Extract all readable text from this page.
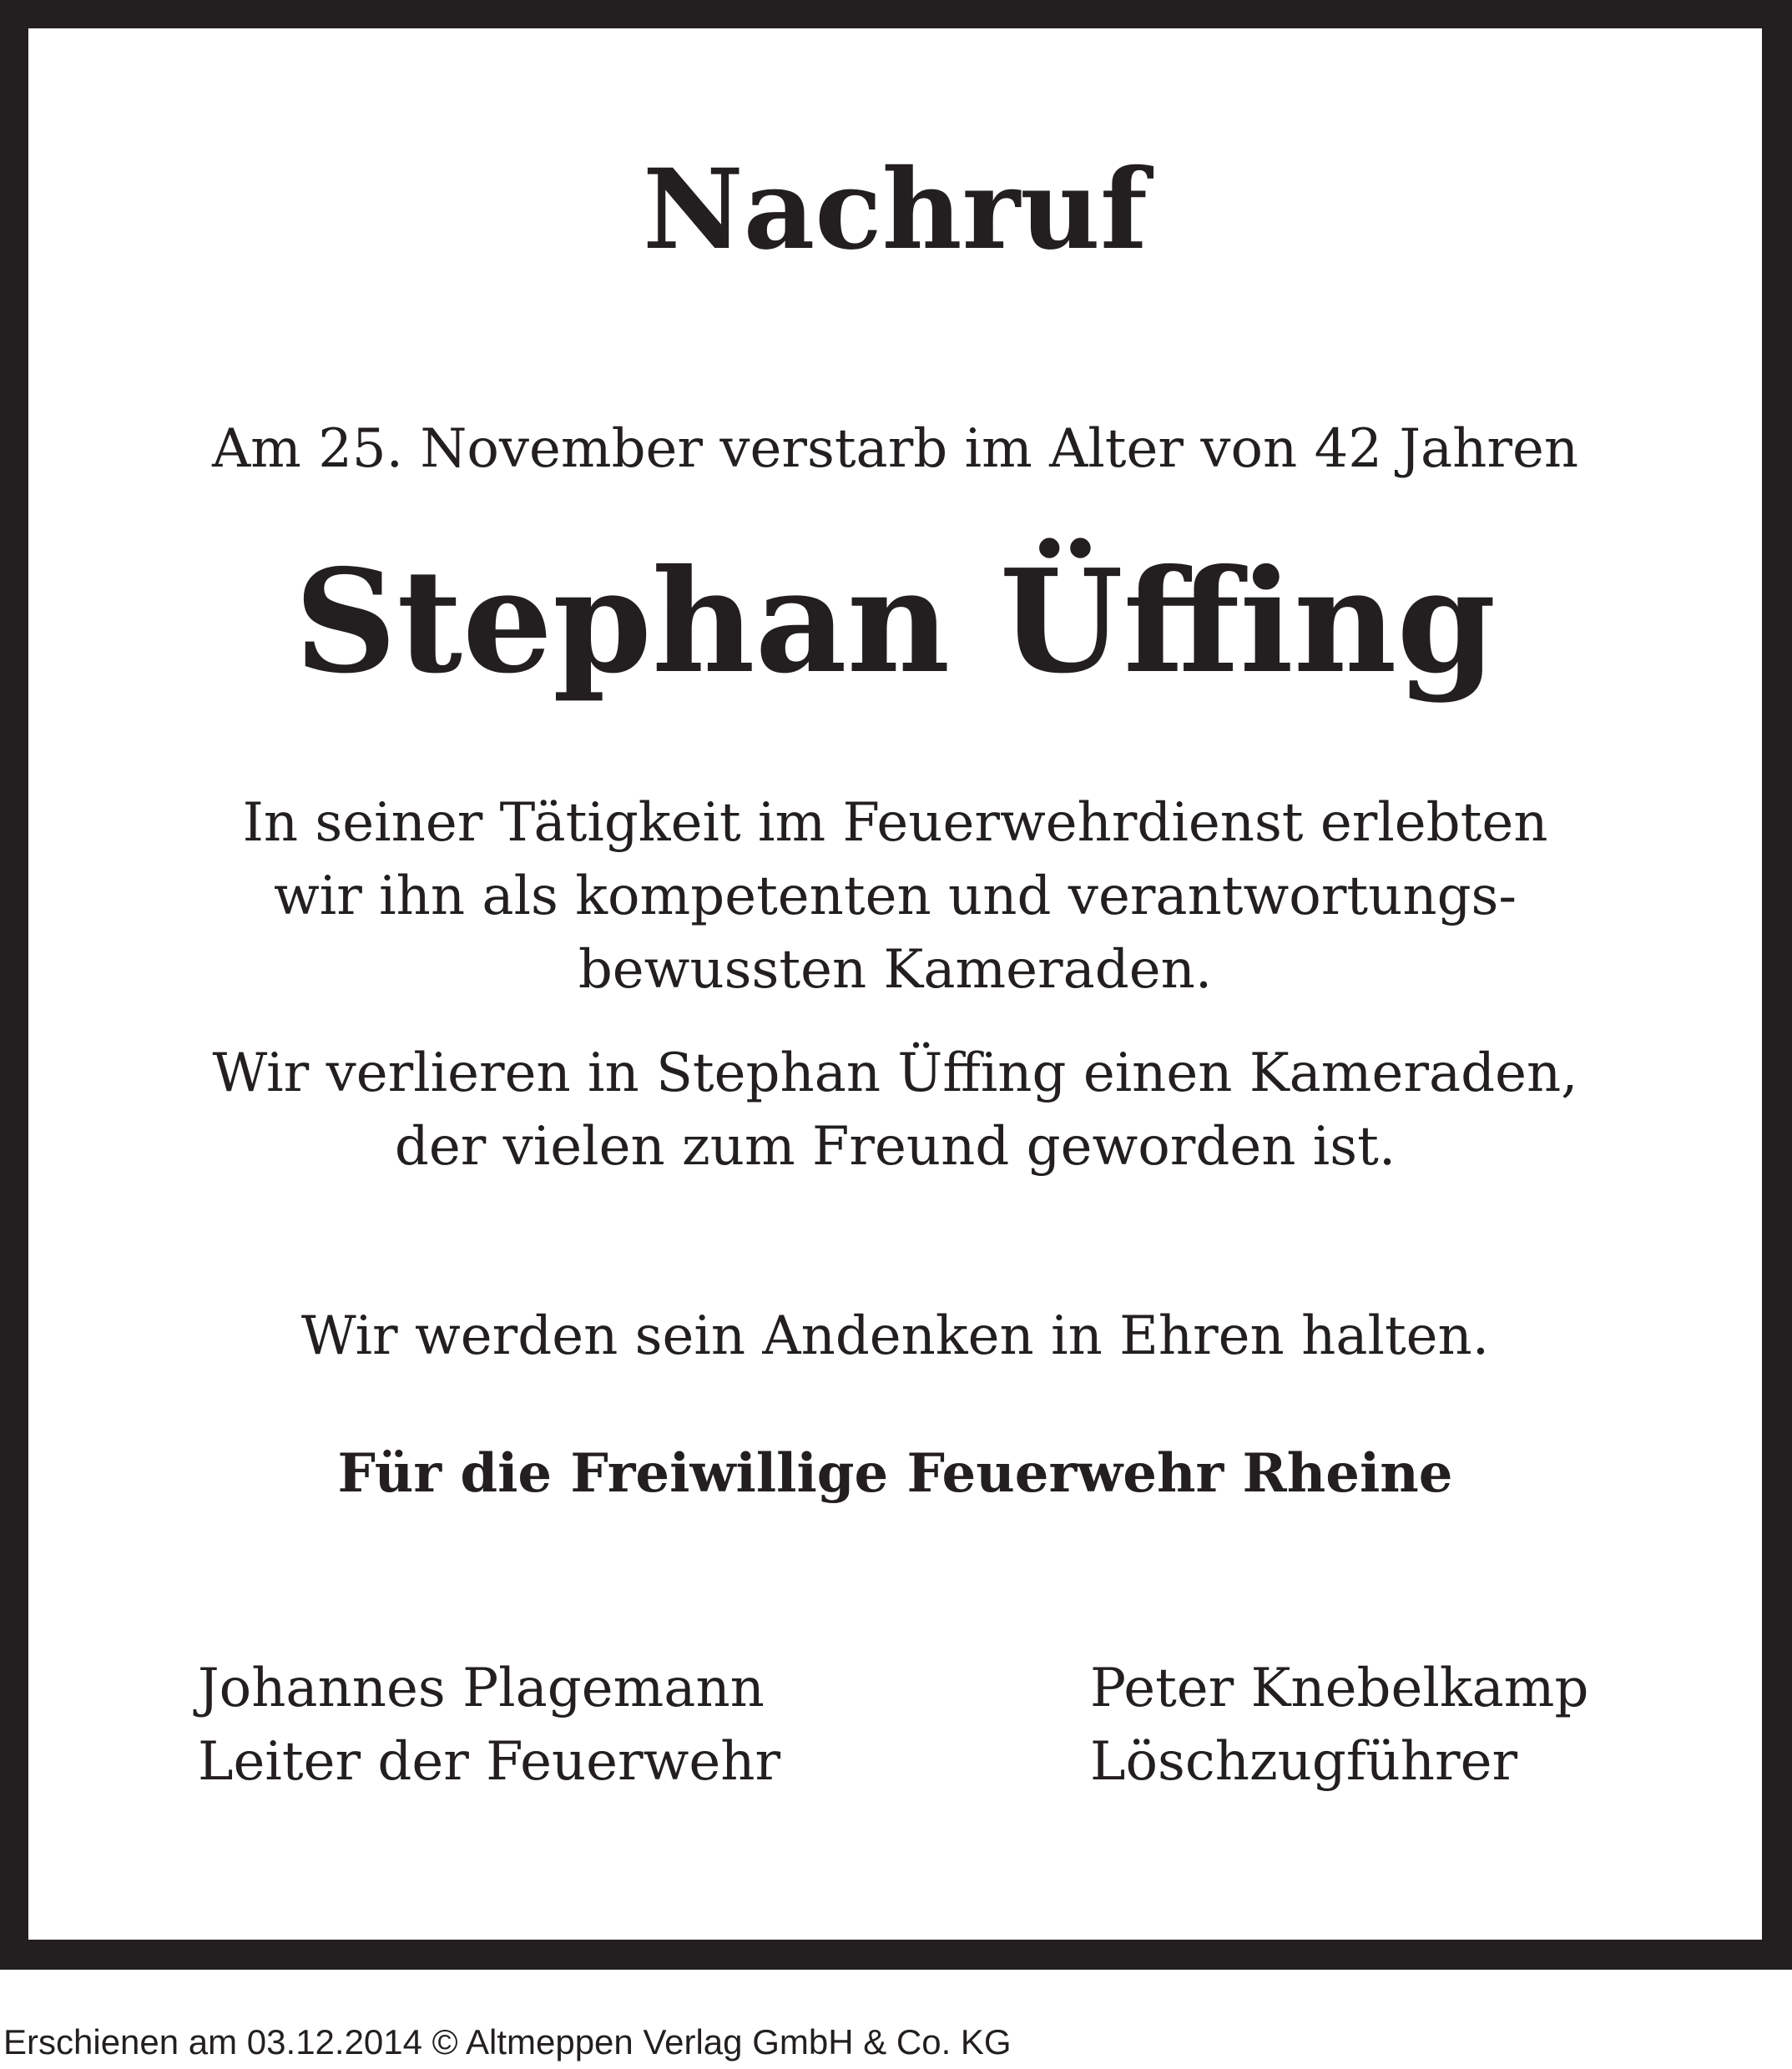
Nachruf

Am 25. November verstarb im Alter von 42 Jahren

Stephan Üffing

In seiner Tätigkeit im Feuerwehrdienst erlebten
wir ihn als kompetenten und verantwortungs-
bewussten Kameraden.
Wir verlieren in Stephan Üffing einen Kameraden,
der vielen zum Freund geworden ist.

Wir werden sein Andenken in Ehren halten.

Für die Freiwillige Feuerwehr Rheine

Johannes Plagemann
Leiter der Feuerwehr
Peter Knebelkamp
Löschzugführer
Erschienen am 03.12.2014 © Altmeppen Verlag GmbH & Co. KG
